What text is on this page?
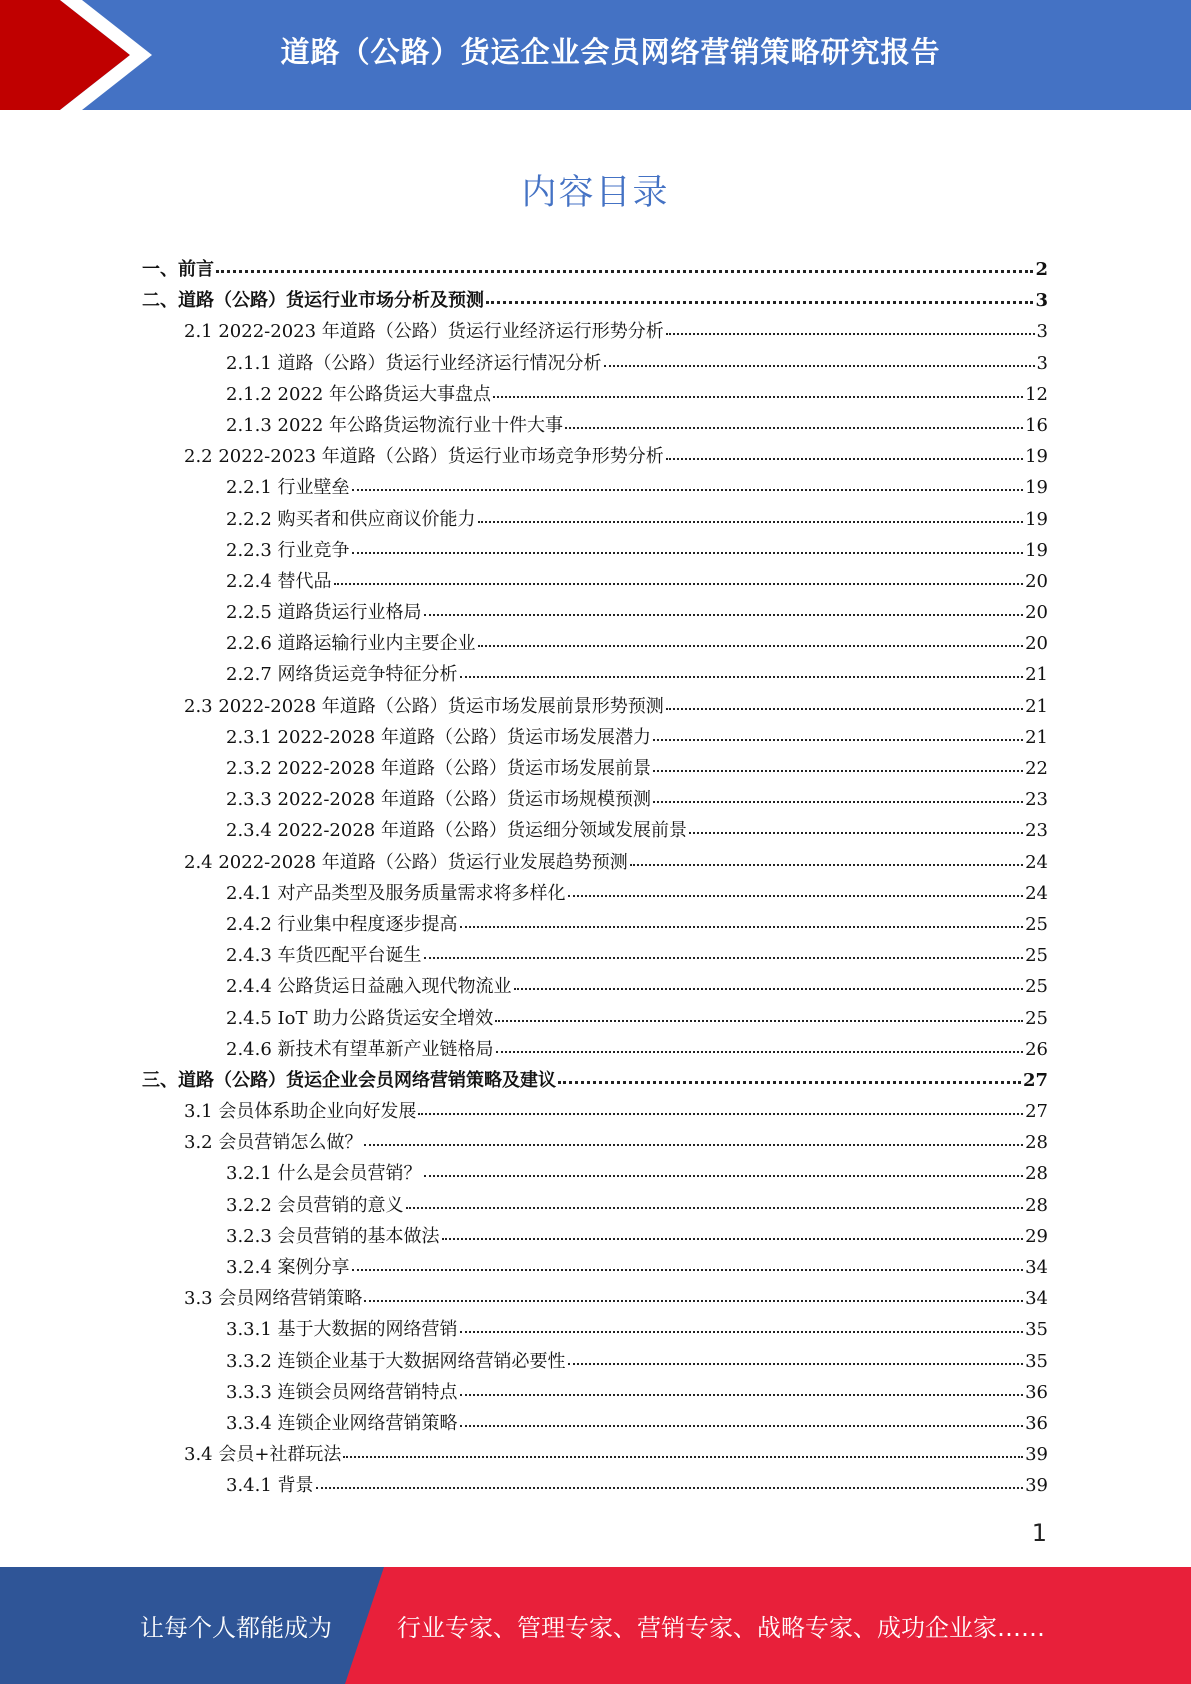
道路（公路）货运企业会员网络营销策略研究报告
内容目录
一、前言	2
二、道路（公路）货运行业市场分析及预测	3
2.1 2022-2023 年道路（公路）货运行业经济运行形势分析	3
2.1.1 道路（公路）货运行业经济运行情况分析	3
2.1.2 2022 年公路货运大事盘点	12
2.1.3 2022 年公路货运物流行业十件大事	16
2.2 2022-2023 年道路（公路）货运行业市场竞争形势分析	19
2.2.1 行业壁垒	19
2.2.2 购买者和供应商议价能力	19
2.2.3 行业竞争	19
2.2.4 替代品	20
2.2.5 道路货运行业格局	20
2.2.6 道路运输行业内主要企业	20
2.2.7 网络货运竞争特征分析	21
2.3 2022-2028 年道路（公路）货运市场发展前景形势预测	21
2.3.1 2022-2028 年道路（公路）货运市场发展潜力	21
2.3.2 2022-2028 年道路（公路）货运市场发展前景	22
2.3.3 2022-2028 年道路（公路）货运市场规模预测	23
2.3.4 2022-2028 年道路（公路）货运细分领域发展前景	23
2.4 2022-2028 年道路（公路）货运行业发展趋势预测	24
2.4.1 对产品类型及服务质量需求将多样化	24
2.4.2 行业集中程度逐步提高	25
2.4.3 车货匹配平台诞生	25
2.4.4 公路货运日益融入现代物流业	25
2.4.5 IoT 助力公路货运安全增效	25
2.4.6 新技术有望革新产业链格局	26
三、道路（公路）货运企业会员网络营销策略及建议	27
3.1 会员体系助企业向好发展	27
3.2 会员营销怎么做？	28
3.2.1 什么是会员营销？	28
3.2.2 会员营销的意义	28
3.2.3 会员营销的基本做法	29
3.2.4 案例分享	34
3.3 会员网络营销策略	34
3.3.1 基于大数据的网络营销	35
3.3.2 连锁企业基于大数据网络营销必要性	35
3.3.3 连锁会员网络营销特点	36
3.3.4 连锁企业网络营销策略	36
3.4 会员+社群玩法	39
3.4.1 背景	39
1
让每个人都能成为	行业专家、管理专家、营销专家、战略专家、成功企业家……
